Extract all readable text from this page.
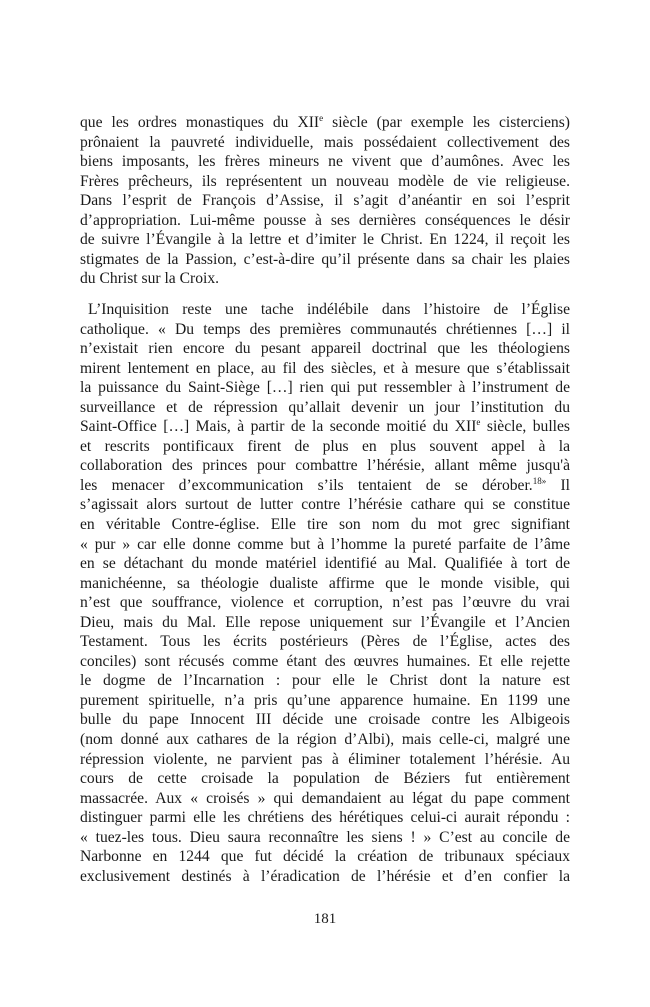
que les ordres monastiques du XIIe siècle (par exemple les cisterciens)
prônaient la pauvreté individuelle, mais possédaient collectivement des
biens imposants, les frères mineurs ne vivent que d’aumônes. Avec les
Frères prêcheurs, ils représentent un nouveau modèle de vie religieuse.
Dans l’esprit de François d’Assise, il s’agit d’anéantir en soi l’esprit
d’appropriation. Lui-même pousse à ses dernières conséquences le désir
de suivre l’Évangile à la lettre et d’imiter le Christ. En 1224, il reçoit les
stigmates de la Passion, c’est-à-dire qu’il présente dans sa chair les plaies
du Christ sur la Croix.
L’Inquisition reste une tache indélébile dans l’histoire de l’Église
catholique. « Du temps des premières communautés chrétiennes […] il
n’existait rien encore du pesant appareil doctrinal que les théologiens
mirent lentement en place, au fil des siècles, et à mesure que s’établissait
la puissance du Saint-Siège […] rien qui put ressembler à l’instrument de
surveillance et de répression qu’allait devenir un jour l’institution du
Saint-Office […] Mais, à partir de la seconde moitié du XIIe siècle, bulles
et rescrits pontificaux firent de plus en plus souvent appel à la
collaboration des princes pour combattre l’hérésie, allant même jusqu'à
les menacer d’excommunication s’ils tentaient de se dérober.$^{18»}$ Il
s’agissait alors surtout de lutter contre l’hérésie cathare qui se constitue
en véritable Contre-église. Elle tire son nom du mot grec signifiant
« pur » car elle donne comme but à l’homme la pureté parfaite de l’âme
en se détachant du monde matériel identifié au Mal. Qualifiée à tort de
manichéenne, sa théologie dualiste affirme que le monde visible, qui
n’est que souffrance, violence et corruption, n’est pas l’œuvre du vrai
Dieu, mais du Mal. Elle repose uniquement sur l’Évangile et l’Ancien
Testament. Tous les écrits postérieurs (Pères de l’Église, actes des
conciles) sont récusés comme étant des œuvres humaines. Et elle rejette
le dogme de l’Incarnation : pour elle le Christ dont la nature est
purement spirituelle, n’a pris qu’une apparence humaine. En 1199 une
bulle du pape Innocent III décide une croisade contre les Albigeois
(nom donné aux cathares de la région d’Albi), mais celle-ci, malgré une
répression violente, ne parvient pas à éliminer totalement l’hérésie. Au
cours de cette croisade la population de Béziers fut entièrement
massacrée. Aux « croisés » qui demandaient au légat du pape comment
distinguer parmi elle les chrétiens des hérétiques celui-ci aurait répondu :
« tuez-les tous. Dieu saura reconnaître les siens ! » C’est au concile de
Narbonne en 1244 que fut décidé la création de tribunaux spéciaux
exclusivement destinés à l’éradication de l’hérésie et d’en confier la
181
